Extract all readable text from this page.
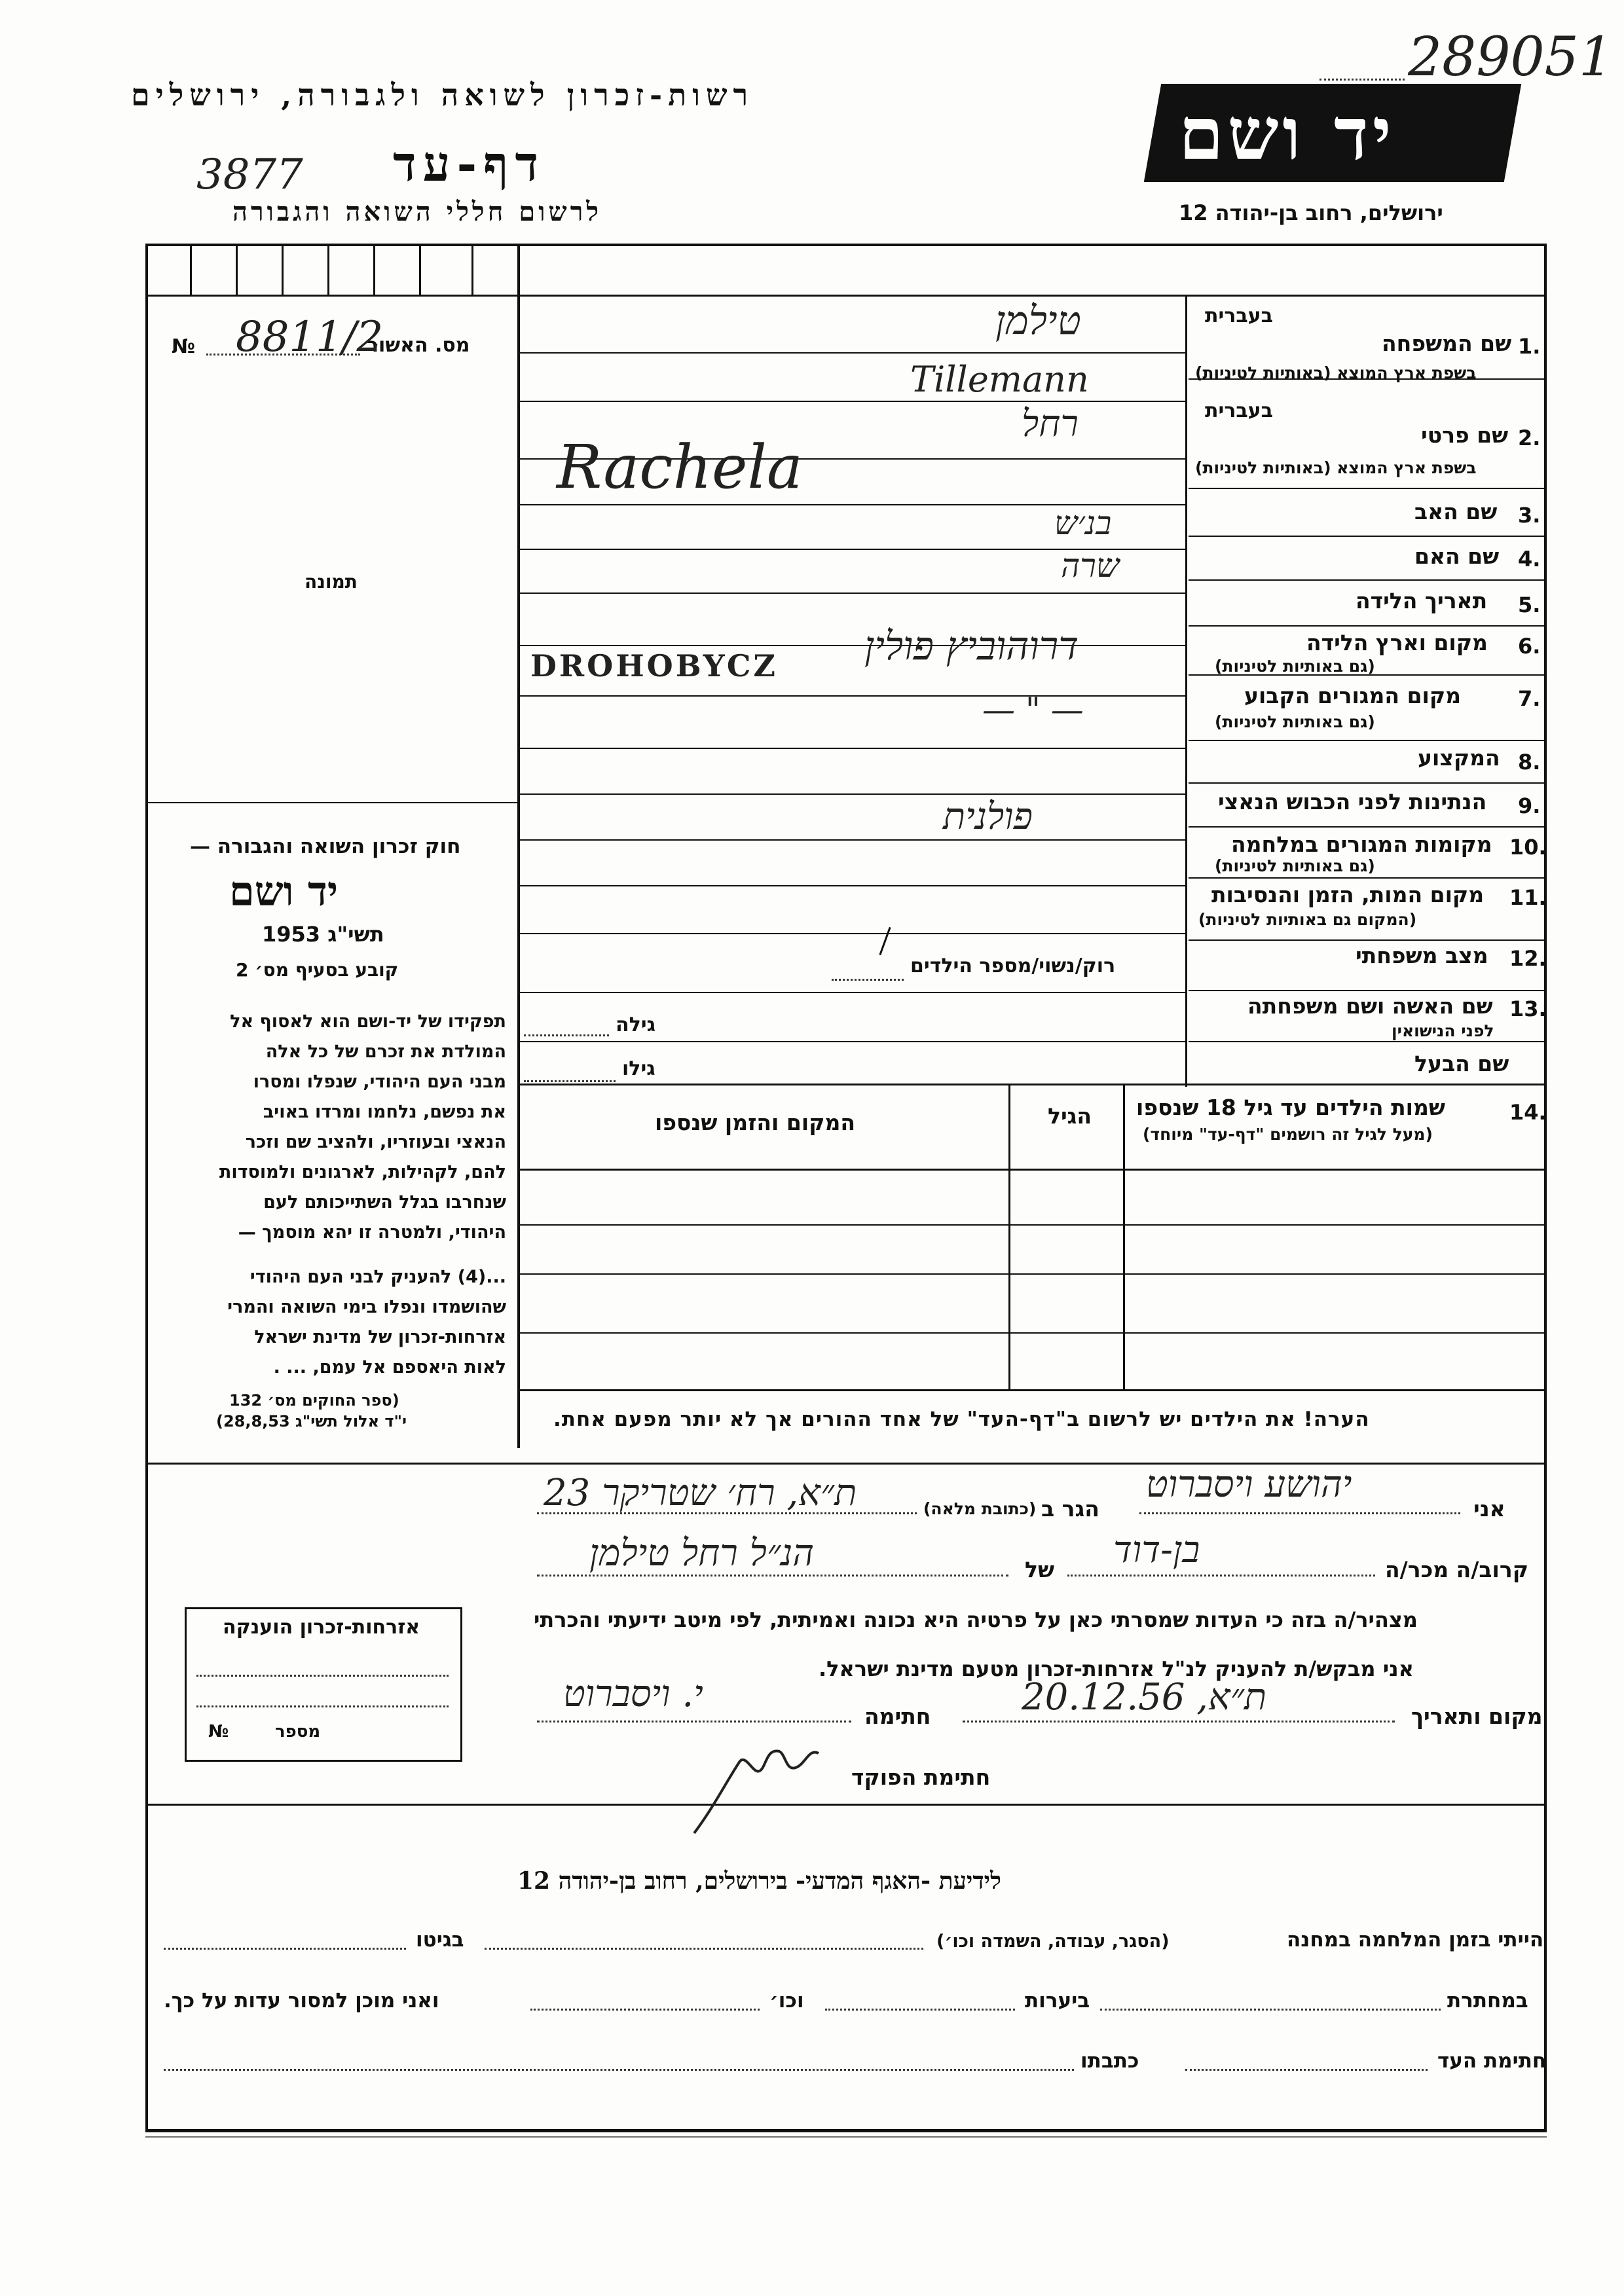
רשות-זכרון לשואה ולגבורה, ירושלים
דף-עד
3877
לרשום חללי השואה והגבורה
יד ושם
ירושלים, רחוב בן-יהודה 12
289051
מס. האשור
№ 8811/2
תמונה
חוק זכרון השואה והגבורה —
יד ושם
תשי"ג 1953
קובע בסעיף מס׳ 2
תפקידו של יד-ושם הוא לאסוף אל
המולדת את זכרם של כל אלה
מבני העם היהודי, שנפלו ומסרו
את נפשם, נלחמו ומרדו באויב
הנאצי ובעוזריו, ולהציב שם וזכר
להם, לקהילות, לארגונים ולמוסדות
שנחרבו בגלל השתייכותם לעם
היהודי, ולמטרה זו יהא מוסמך —
...(4) להעניק לבני העם היהודי
שהושמדו ונפלו בימי השואה והמרי
אזרחות-זכרון של מדינת ישראל
לאות היאספם אל עמם, ... .
(ספר החוקים מס׳ 132
י"ד אלול תשי"ג 28,8,53)
בעברית
1.
שם המשפחה
בשפת ארץ המוצא (באותיות לטיניות)
טילמן
Tillemann
בעברית
2.
שם פרטי
בשפת ארץ המוצא (באותיות לטיניות)
רחל
Rachela
3.
שם האב
בנ׳ש
4.
שם האם
שרה
5.
תאריך הלידה
6.
מקום וארץ הלידה
(גם באותיות לטיניות)
דרוהוביץ פולין
DROHOBYCZ
7.
מקום המגורים הקבוע
(גם באותיות לטיניות)
— " —
8.
המקצוע
9.
הנתינות לפני הכבוש הנאצי
פולנית
10.
מקומות המגורים במלחמה
(גם באותיות לטיניות)
11.
מקום המות, הזמן והנסיבות
(המקום גם באותיות לטיניות)
12.
מצב משפחתי
רוק/נשוי/מספר הילדים
13.
שם האשה ושם משפחתה
לפני הנישואין
גילה
שם הבעל
גילו
14.
שמות הילדים עד גיל 18 שנספו
(מעל לגיל זה רושמים "דף-עד" מיוחד)
הגיל
המקום והזמן שנספו
הערה! את הילדים יש לרשום ב"דף-העד" של אחד ההורים אך לא יותר מפעם אחת.
אני
יהושע ויסברוט
הגר ב
(כתובת מלאה)
ת״א, רח׳ שטריקר 23
קרוב/ה מכר/ה
בן-דוד
של
הנ״ל רחל טילמן
מצהיר/ה בזה כי העדות שמסרתי כאן על פרטיה היא נכונה ואמיתית, לפי מיטב ידיעתי והכרתי
אני מבקש/ת להעניק לנ"ל אזרחות-זכרון מטעם מדינת ישראל.
מקום ותאריך
ת״א, 20.12.56
חתימה
י. ויסברוט
חתימת הפוקד
אזרחות-זכרון הוענקה
№	מספר
לידיעת -האגף המדעי- בירושלים, רחוב בן-יהודה 12
הייתי בזמן המלחמה במחנה
(הסגר, עבודה, השמדה וכו׳)
בגיטו
במחתרת
ביערות
וכו׳
ואני מוכן למסור עדות על כך.
חתימת העד
כתבתו
